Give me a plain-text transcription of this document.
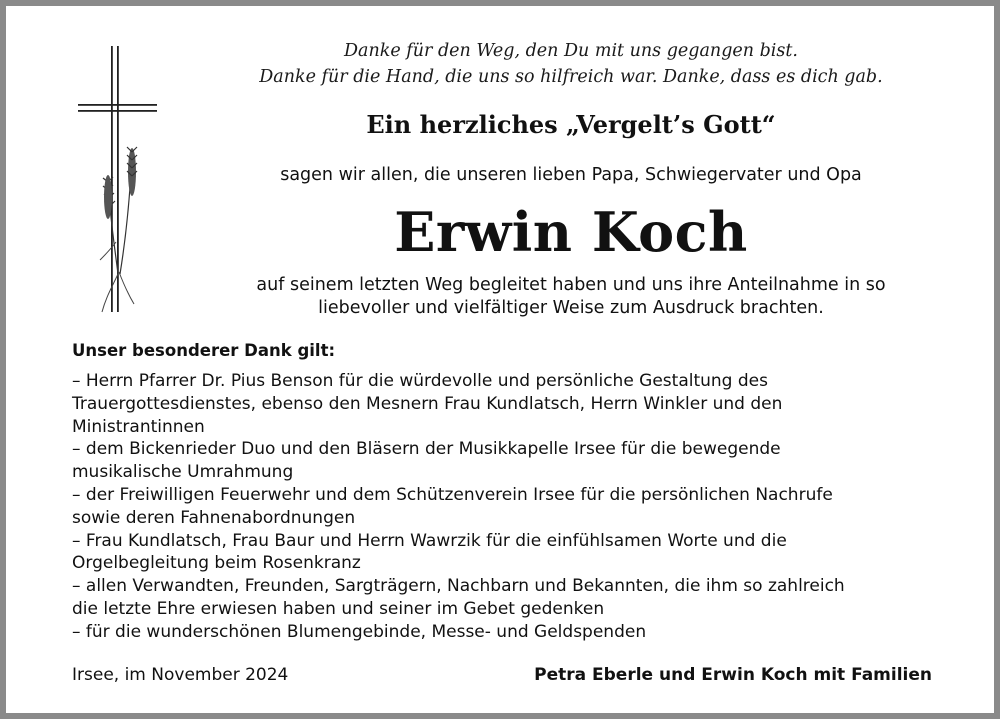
Danke für den Weg, den Du mit uns gegangen bist.
Danke für die Hand, die uns so hilfreich war. Danke, dass es dich gab.
Ein herzliches „Vergelt’s Gott“
sagen wir allen, die unseren lieben Papa, Schwiegervater und Opa
Erwin Koch
auf seinem letzten Weg begleitet haben und uns ihre Anteilnahme in so
liebevoller und vielfältiger Weise zum Ausdruck brachten.
Unser besonderer Dank gilt:
– Herrn Pfarrer Dr. Pius Benson für die würdevolle und persönliche Gestaltung des
Trauergottesdienstes, ebenso den Mesnern Frau Kundlatsch, Herrn Winkler und den
Ministrantinnen
– dem Bickenrieder Duo und den Bläsern der Musikkapelle Irsee für die bewegende
musikalische Umrahmung
– der Freiwilligen Feuerwehr und dem Schützenverein Irsee für die persönlichen Nachrufe
sowie deren Fahnenabordnungen
– Frau Kundlatsch, Frau Baur und Herrn Wawrzik für die einfühlsamen Worte und die
Orgelbegleitung beim Rosenkranz
– allen Verwandten, Freunden, Sargträgern, Nachbarn und Bekannten, die ihm so zahlreich
die letzte Ehre erwiesen haben und seiner im Gebet gedenken
– für die wunderschönen Blumengebinde, Messe- und Geldspenden
Irsee, im November 2024	Petra Eberle und Erwin Koch mit Familien
